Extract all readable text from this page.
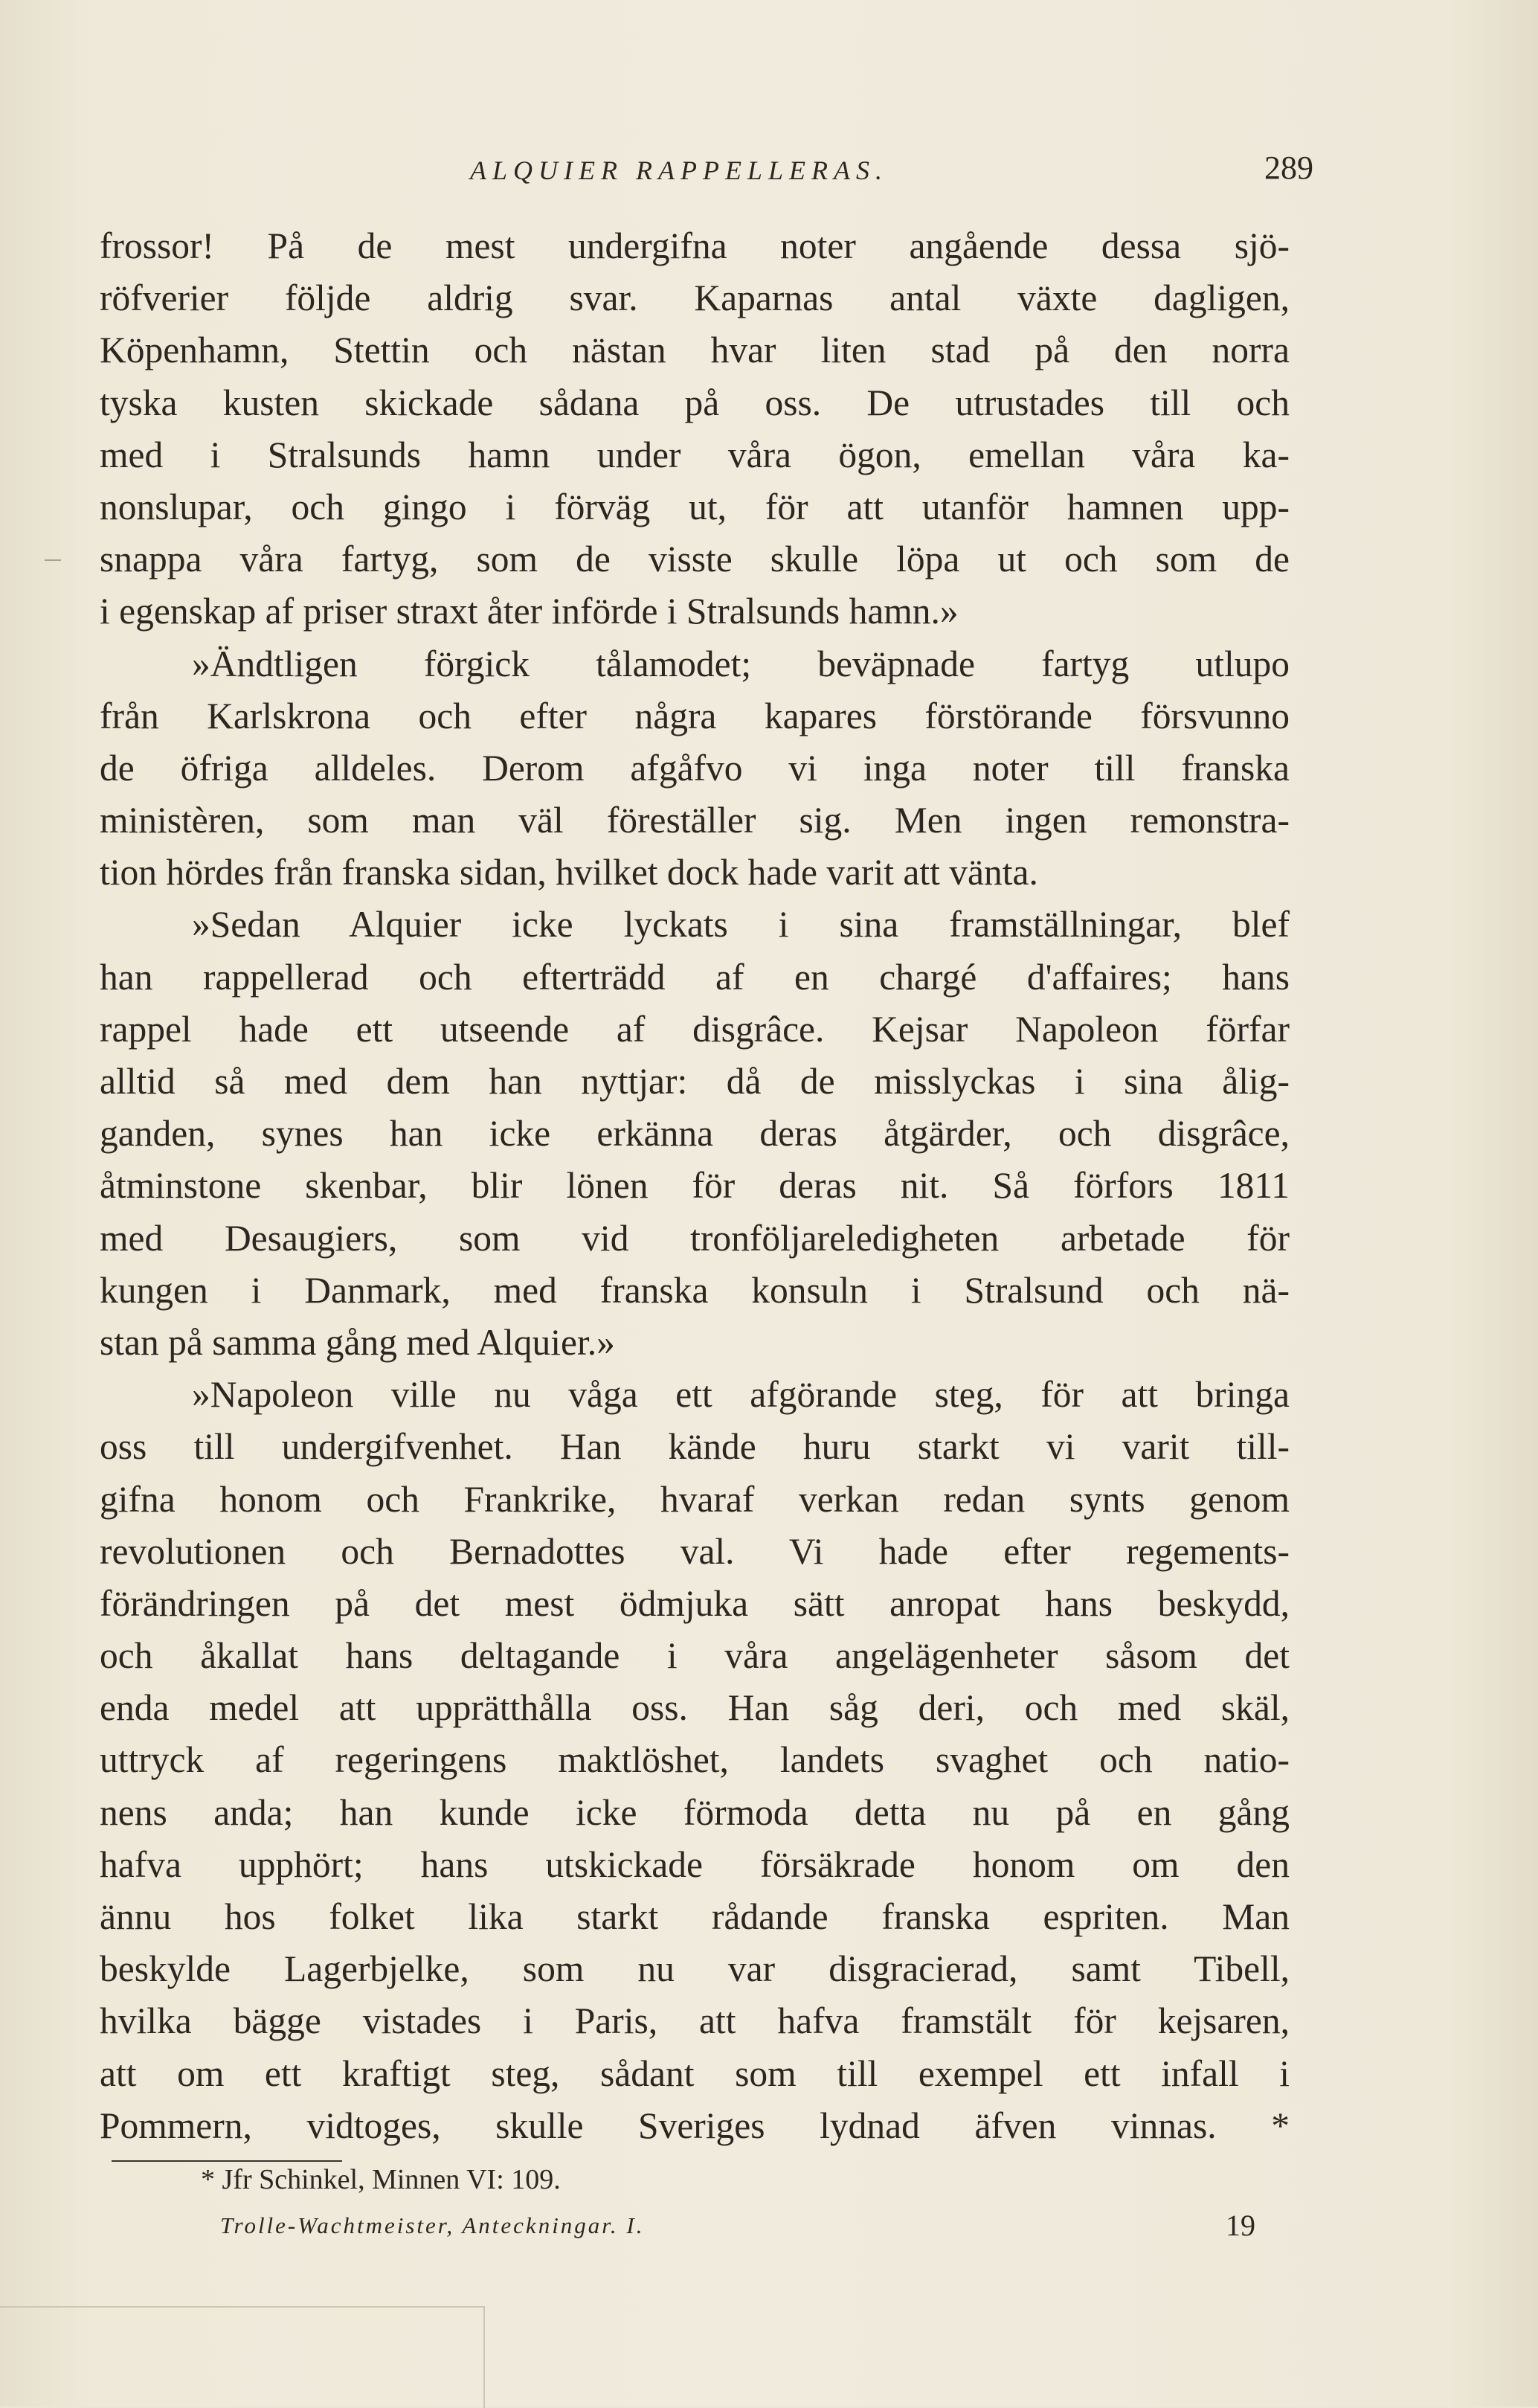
ALQUIER RAPPELLERAS.	289
frossor! På de mest undergifna noter angående dessa sjö-
röfverier följde aldrig svar. Kaparnas antal växte dagligen,
Köpenhamn, Stettin och nästan hvar liten stad på den norra
tyska kusten skickade sådana på oss. De utrustades till och
med i Stralsunds hamn under våra ögon, emellan våra ka-
nonslupar, och gingo i förväg ut, för att utanför hamnen upp-
snappa våra fartyg, som de visste skulle löpa ut och som de
i egenskap af priser straxt åter införde i Stralsunds hamn.»
»Ändtligen förgick tålamodet; beväpnade fartyg utlupo
från Karlskrona och efter några kapares förstörande försvunno
de öfriga alldeles. Derom afgåfvo vi inga noter till franska
ministèren, som man väl föreställer sig. Men ingen remonstra-
tion hördes från franska sidan, hvilket dock hade varit att vänta.
»Sedan Alquier icke lyckats i sina framställningar, blef
han rappellerad och efterträdd af en chargé d'affaires; hans
rappel hade ett utseende af disgrâce. Kejsar Napoleon förfar
alltid så med dem han nyttjar: då de misslyckas i sina ålig-
ganden, synes han icke erkänna deras åtgärder, och disgrâce,
åtminstone skenbar, blir lönen för deras nit. Så förfors 1811
med Desaugiers, som vid tronföljareledigheten arbetade för
kungen i Danmark, med franska konsuln i Stralsund och nä-
stan på samma gång med Alquier.»
»Napoleon ville nu våga ett afgörande steg, för att bringa
oss till undergifvenhet. Han kände huru starkt vi varit till-
gifna honom och Frankrike, hvaraf verkan redan synts genom
revolutionen och Bernadottes val. Vi hade efter regements-
förändringen på det mest ödmjuka sätt anropat hans beskydd,
och åkallat hans deltagande i våra angelägenheter såsom det
enda medel att upprätthålla oss. Han såg deri, och med skäl,
uttryck af regeringens maktlöshet, landets svaghet och natio-
nens anda; han kunde icke förmoda detta nu på en gång
hafva upphört; hans utskickade försäkrade honom om den
ännu hos folket lika starkt rådande franska espriten. Man
beskylde Lagerbjelke, som nu var disgracierad, samt Tibell,
hvilka bägge vistades i Paris, att hafva framstält för kejsaren,
att om ett kraftigt steg, sådant som till exempel ett infall i
Pommern, vidtoges, skulle Sveriges lydnad äfven vinnas. *
* Jfr Schinkel, Minnen VI: 109.
Trolle-Wachtmeister, Anteckningar. I.	19
